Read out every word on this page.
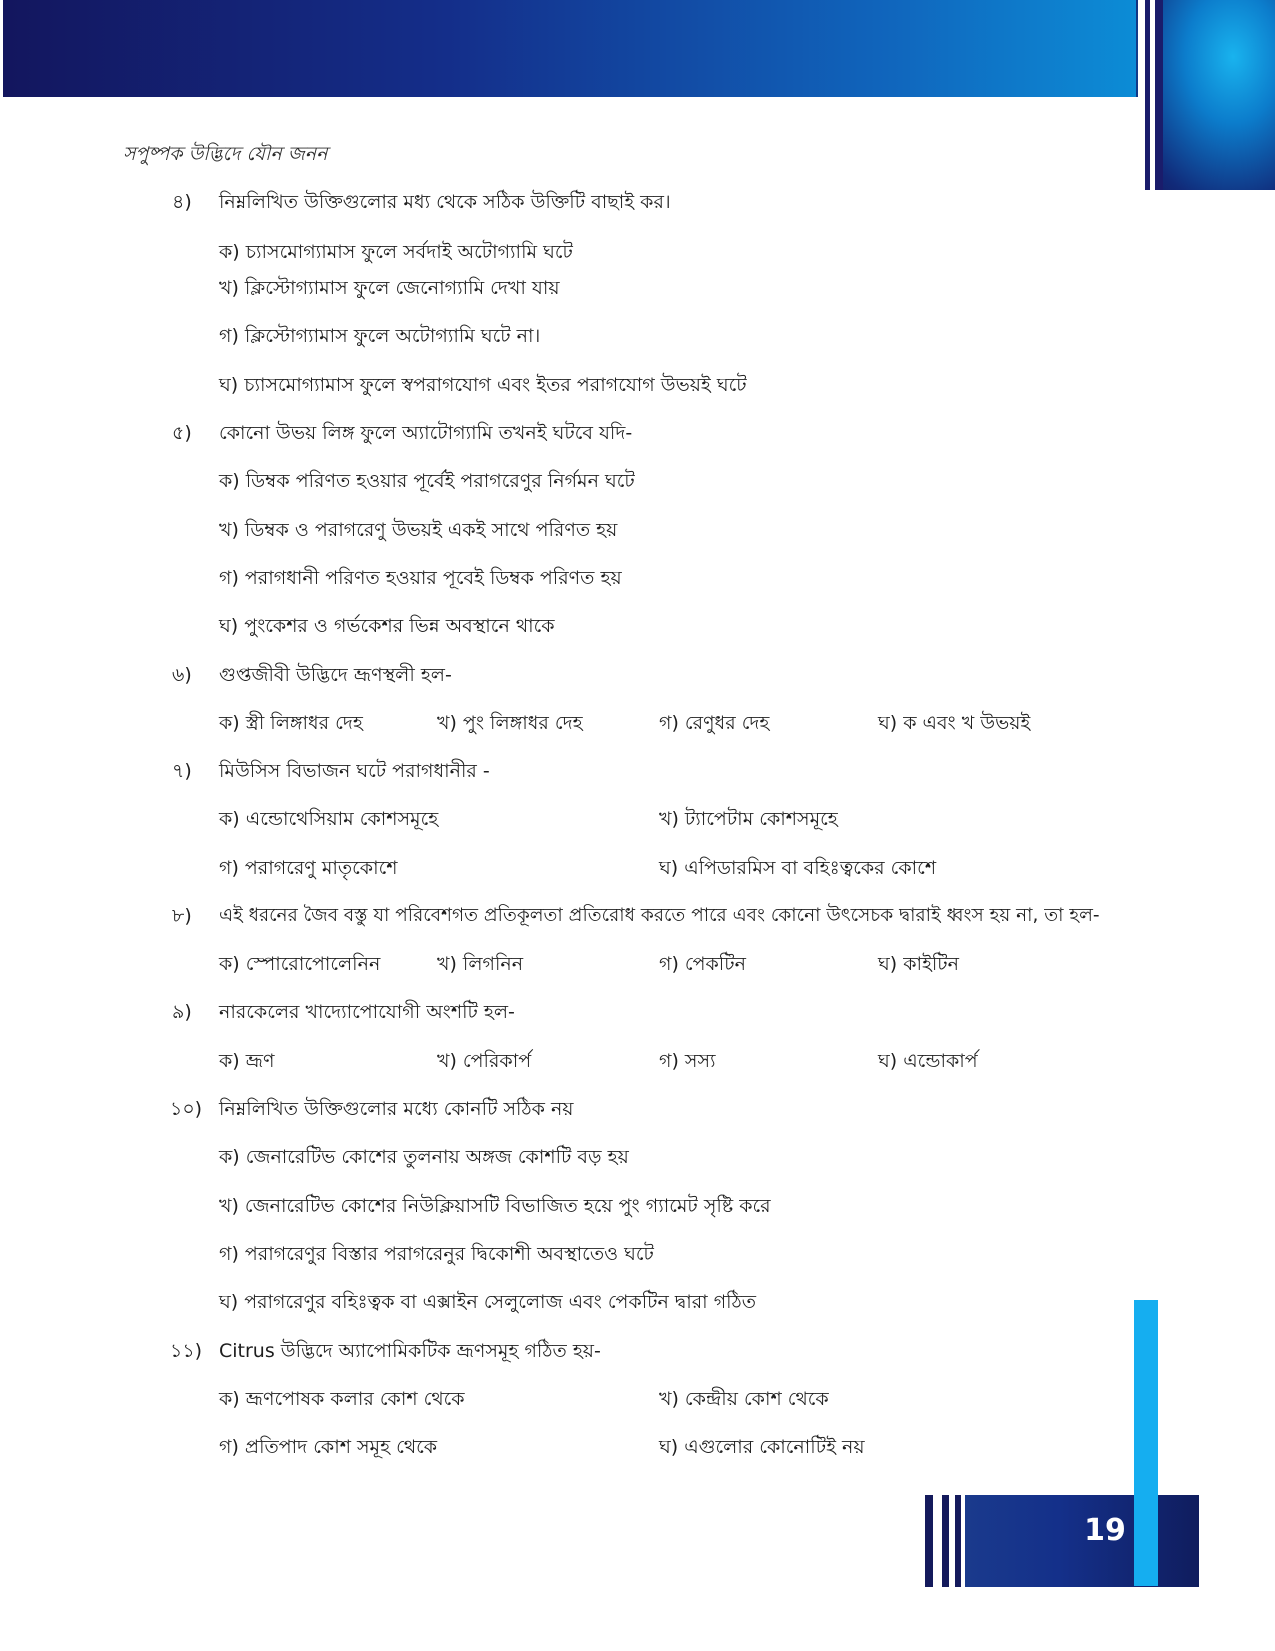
সপুষ্পক উদ্ভিদে যৌন জনন
৪) নিম্নলিখিত উক্তিগুলোর মধ্য থেকে সঠিক উক্তিটি বাছাই কর।
ক) চ্যাসমোগ্যামাস ফুলে সর্বদাই অটোগ্যামি ঘটে
খ) ক্লিস্টোগ্যামাস ফুলে জেনোগ্যামি দেখা যায়
গ) ক্লিস্টোগ্যামাস ফুলে অটোগ্যামি ঘটে না।
ঘ) চ্যাসমোগ্যামাস ফুলে স্বপরাগযোগ এবং ইতর পরাগযোগ উভয়ই ঘটে
৫) কোনো উভয় লিঙ্গ ফুলে অ্যাটোগ্যামি তখনই ঘটবে যদি-
ক) ডিম্বক পরিণত হওয়ার পূর্বেই পরাগরেণুর নির্গমন ঘটে
খ) ডিম্বক ও পরাগরেণু উভয়ই একই সাথে পরিণত হয়
গ) পরাগধানী পরিণত হওয়ার পূবেই ডিম্বক পরিণত হয়
ঘ) পুংকেশর ও গর্ভকেশর ভিন্ন অবস্থানে থাকে
৬) গুপ্তজীবী উদ্ভিদে ভ্রূণস্থলী হল-
ক) স্ত্রী লিঙ্গাধর দেহ	খ) পুং লিঙ্গাধর দেহ	গ) রেণুধর দেহ	ঘ) ক এবং খ উভয়ই
৭) মিউসিস বিভাজন ঘটে পরাগধানীর -
ক) এন্ডোথেসিয়াম কোশসমূহে	খ) ট্যাপেটাম কোশসমূহে
গ) পরাগরেণু মাতৃকোশে	ঘ) এপিডারমিস বা বহিঃত্বকের কোশে
৮) এই ধরনের জৈব বস্তু যা পরিবেশগত প্রতিকূলতা প্রতিরোধ করতে পারে এবং কোনো উৎসেচক দ্বারাই ধ্বংস হয় না, তা হল-
ক) স্পোরোপোলেনিন	খ) লিগনিন	গ) পেকটিন	ঘ) কাইটিন
৯) নারকেলের খাদ্যোপোযোগী অংশটি হল-
ক) ভ্রূণ	খ) পেরিকার্প	গ) সস্য	ঘ) এন্ডোকার্প
১০) নিম্নলিখিত উক্তিগুলোর মধ্যে কোনটি সঠিক নয়
ক) জেনারেটিভ কোশের তুলনায় অঙ্গজ কোশটি বড় হয়
খ) জেনারেটিভ কোশের নিউক্লিয়াসটি বিভাজিত হয়ে পুং গ্যামেট সৃষ্টি করে
গ) পরাগরেণুর বিস্তার পরাগরেনুর দ্বিকোশী অবস্থাতেও ঘটে
ঘ) পরাগরেণুর বহিঃত্বক বা এক্সাইন সেলুলোজ এবং পেকটিন দ্বারা গঠিত
১১) Citrus উদ্ভিদে অ্যাপোমিকটিক ভ্রূণসমূহ গঠিত হয়-
ক) ভ্রূণপোষক কলার কোশ থেকে	খ) কেন্দ্রীয় কোশ থেকে
গ) প্রতিপাদ কোশ সমূহ থেকে	ঘ) এগুলোর কোনোটিই নয়
19
